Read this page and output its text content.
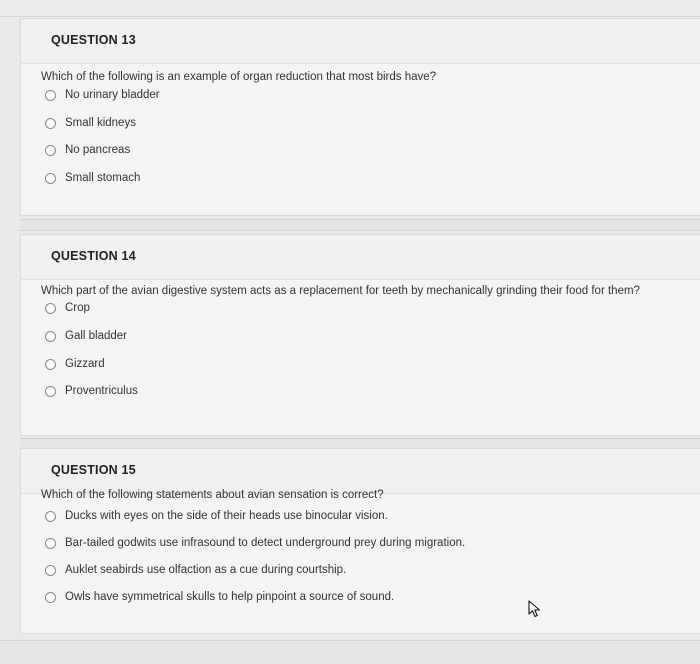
QUESTION 13
Which of the following is an example of organ reduction that most birds have?
No urinary bladder
Small kidneys
No pancreas
Small stomach
QUESTION 14
Which part of the avian digestive system acts as a replacement for teeth by mechanically grinding their food for them?
Crop
Gall bladder
Gizzard
Proventriculus
QUESTION 15
Which of the following statements about avian sensation is correct?
Ducks with eyes on the side of their heads use binocular vision.
Bar-tailed godwits use infrasound to detect underground prey during migration.
Auklet seabirds use olfaction as a cue during courtship.
Owls have symmetrical skulls to help pinpoint a source of sound.
